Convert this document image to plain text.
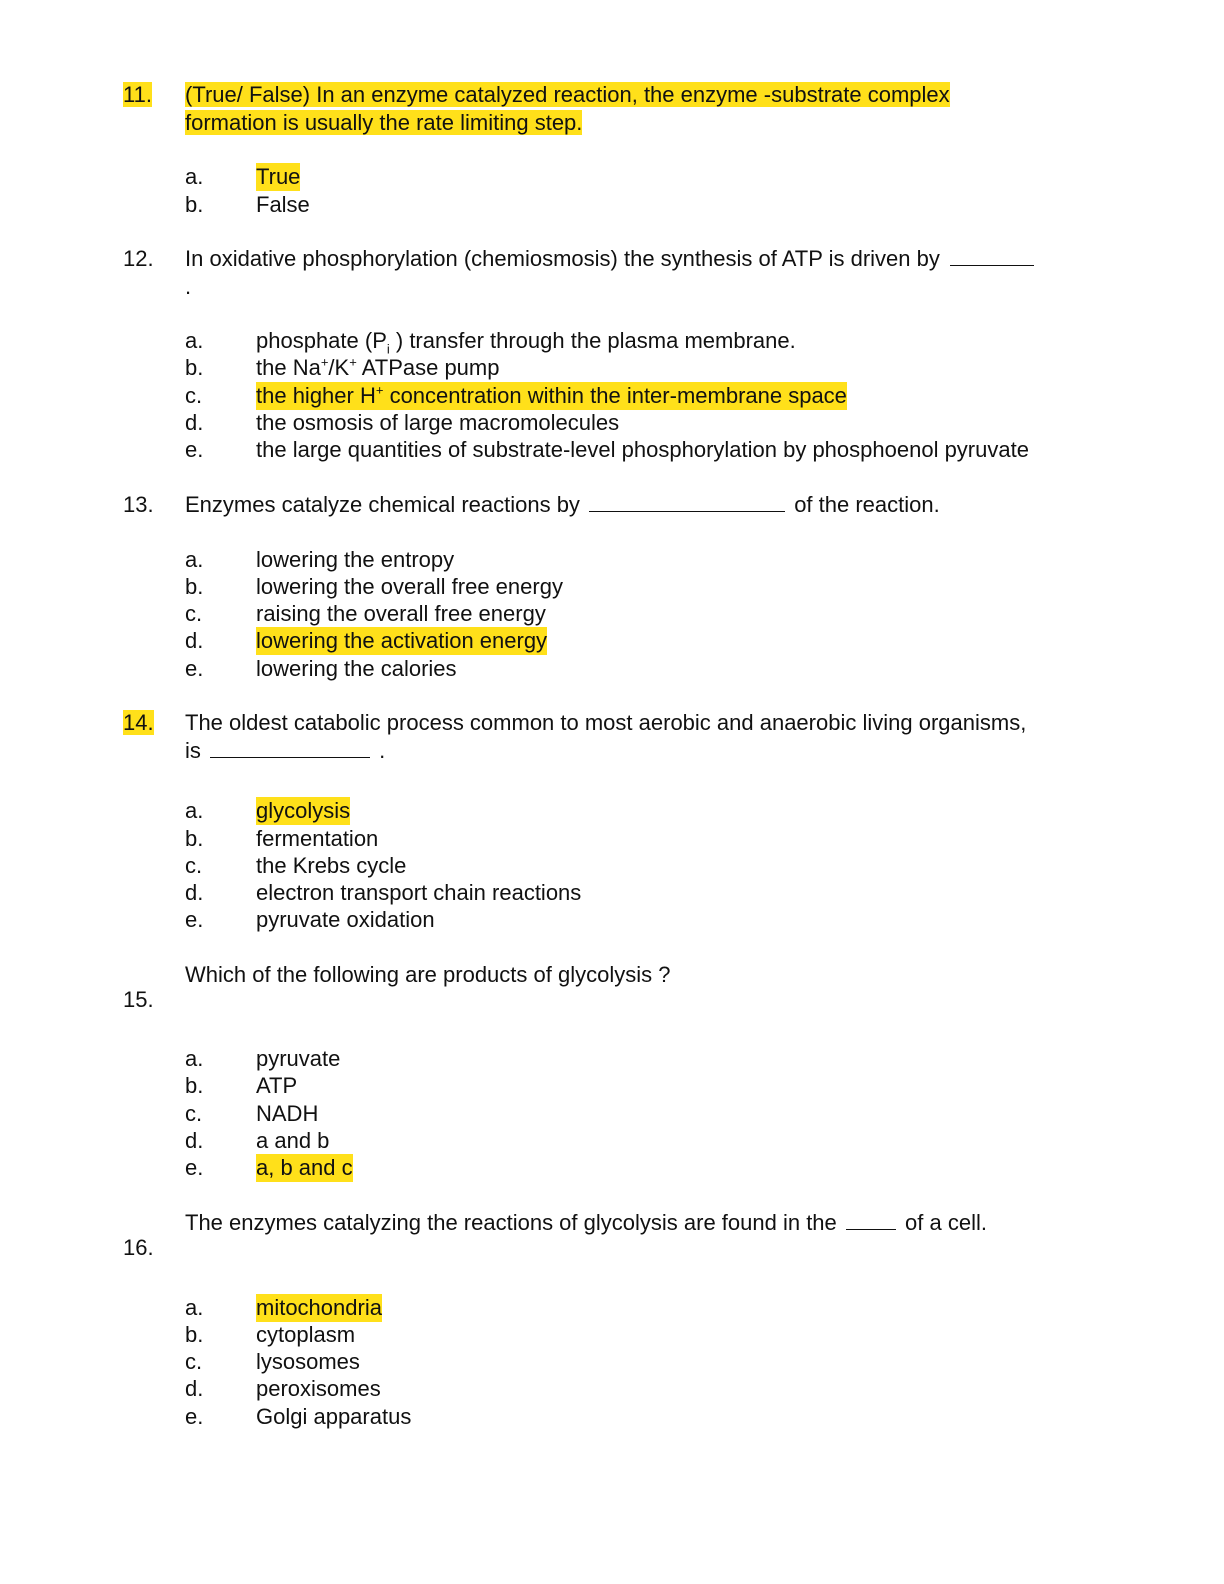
11. (True/ False) In an enzyme catalyzed reaction, the enzyme -substrate complex
formation is usually the rate limiting step.
a. True
b. False
12. In oxidative phosphorylation (chemiosmosis) the synthesis of ATP is driven by
.
a. phosphate ($P_i$ ) transfer through the plasma membrane.
b. the Na+/K+ ATPase pump
c. the higher H+ concentration within the inter-membrane space
d. the osmosis of large macromolecules
e. the large quantities of substrate-level phosphorylation by phosphoenol pyruvate
13. Enzymes catalyze chemical reactions by	of the reaction.
a. lowering the entropy
b. lowering the overall free energy
c. raising the overall free energy
d. lowering the activation energy
e. lowering the calories
14. The oldest catabolic process common to most aerobic and anaerobic living organisms,
is	.
a. glycolysis
b. fermentation
c. the Krebs cycle
d. electron transport chain reactions
e. pyruvate oxidation
15.
Which of the following are products of glycolysis ?
a. pyruvate
b. ATP
c. NADH
d. a and b
e. a, b and c
16.
The enzymes catalyzing the reactions of glycolysis are found in the	of a cell.
a. mitochondria
b. cytoplasm
c. lysosomes
d. peroxisomes
e. Golgi apparatus
